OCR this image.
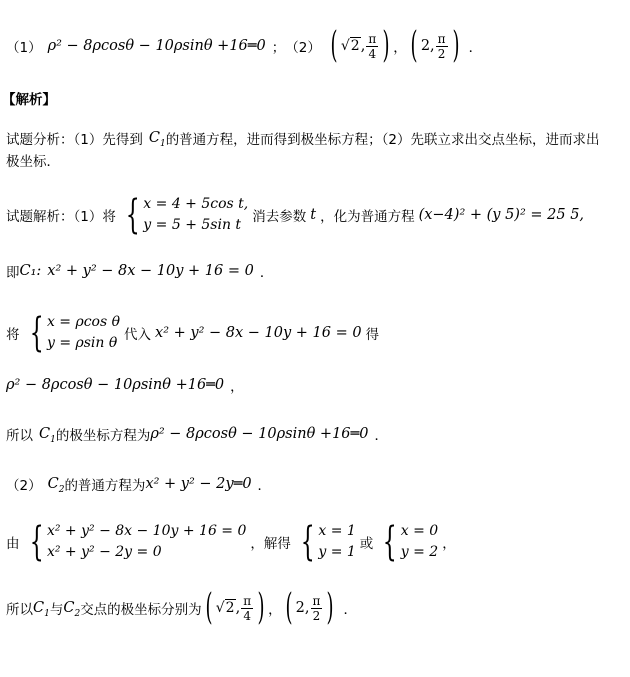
（1） ρ² − 8ρcosθ − 10ρsinθ +16═0 ； （2） ( √2 , $\frac{\pi}{4}$ ) ， ( 2 , $\frac{\pi}{2}$ ) ．
【解析】
试题分析：（1）先得到 $C_1$ 的普通方程，进而得到极坐标方程；（2）先联立求出交点坐标，进而求出
极坐标．
试题解析：（1）将 { x = 4 + 5cos t,
y = 5 + 5sin t 消去参数 t ，化为普通方程 (x−4)² + (y 5)² = 25 5,
即 C₁: x² + y² − 8x − 10y + 16 = 0 ．
将 { x = ρcos θ
y = ρsin θ 代入 x² + y² − 8x − 10y + 16 = 0 得
ρ² − 8ρcosθ − 10ρsinθ +16═0 ，
所以 $C_1$ 的极坐标方程为 ρ² − 8ρcosθ − 10ρsinθ +16═0 ．
（2） $C_2$ 的普通方程为 x² + y² − 2y═0 ．
由 { x² + y² − 8x − 10y + 16 = 0
x² + y² − 2y = 0	，解得 { x = 1
y = 1 或 { x = 0
y = 2 ，
所以 $C_1$ 与 $C_2$ 交点的极坐标分别为 ( √2 , $\frac{\pi}{4}$ ) ， ( 2 , $\frac{\pi}{2}$ ) ．
